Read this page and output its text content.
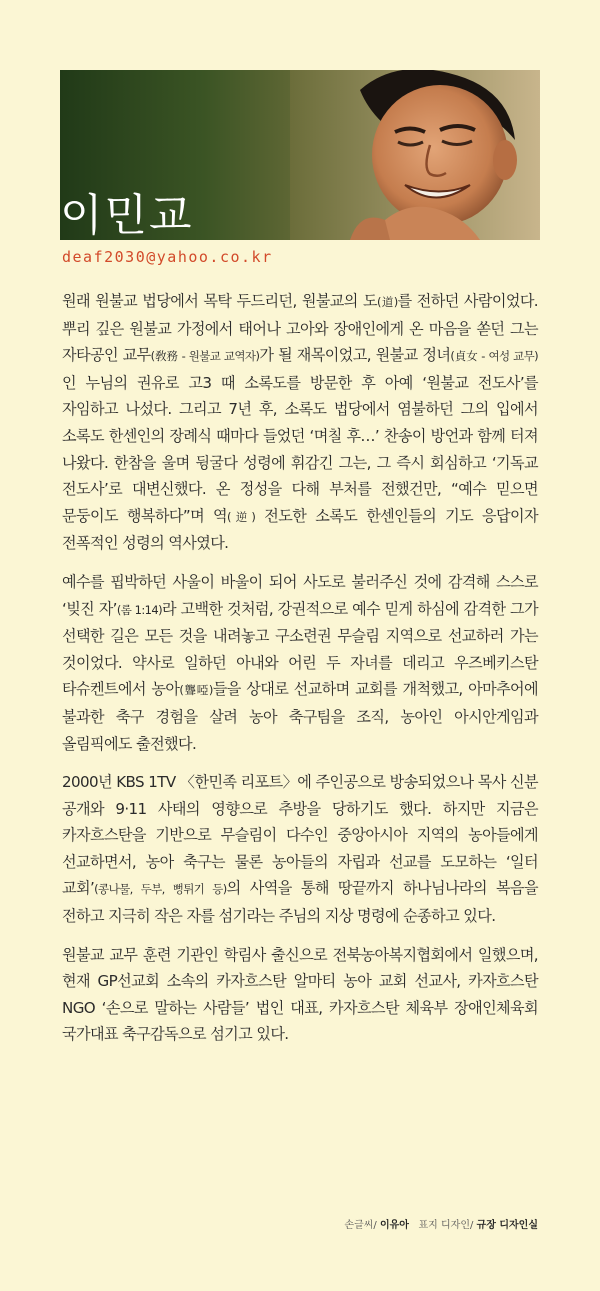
이민교
deaf2030@yahoo.co.kr

원래 원불교 법당에서 목탁 두드리던, 원불교의 도(道)를 전하던 사람이었다. 뿌리 깊은 원불교 가정에서 태어나 고아와 장애인에게 온 마음을 쏟던 그는 자타공인 교무(敎務 - 원불교 교역자)가 될 재목이었고, 원불교 정녀(貞女 - 여성 교무)인 누님의 권유로 고3 때 소록도를 방문한 후 아예 ‘원불교 전도사’를 자임하고 나섰다. 그리고 7년 후, 소록도 법당에서 염불하던 그의 입에서 소록도 한센인의 장례식 때마다 들었던 ‘며칠 후…’ 찬송이 방언과 함께 터져 나왔다. 한참을 울며 뒹굴다 성령에 휘감긴 그는, 그 즉시 회심하고 ‘기독교 전도사’로 대변신했다. 온 정성을 다해 부처를 전했건만, “예수 믿으면 문둥이도 행복하다”며 역(逆) 전도한 소록도 한센인들의 기도 응답이자 전폭적인 성령의 역사였다.

예수를 핍박하던 사울이 바울이 되어 사도로 불러주신 것에 감격해 스스로 ‘빚진 자’(롬 1:14)라 고백한 것처럼, 강권적으로 예수 믿게 하심에 감격한 그가 선택한 길은 모든 것을 내려놓고 구소련권 무슬림 지역으로 선교하러 가는 것이었다. 약사로 일하던 아내와 어린 두 자녀를 데리고 우즈베키스탄 타슈켄트에서 농아(聾啞)들을 상대로 선교하며 교회를 개척했고, 아마추어에 불과한 축구 경험을 살려 농아 축구팀을 조직, 농아인 아시안게임과 올림픽에도 출전했다.

2000년 KBS 1TV 〈한민족 리포트〉에 주인공으로 방송되었으나 목사 신분 공개와 9·11 사태의 영향으로 추방을 당하기도 했다. 하지만 지금은 카자흐스탄을 기반으로 무슬림이 다수인 중앙아시아 지역의 농아들에게 선교하면서, 농아 축구는 물론 농아들의 자립과 선교를 도모하는 ‘일터 교회’(콩나물, 두부, 뻥튀기 등)의 사역을 통해 땅끝까지 하나님나라의 복음을 전하고 지극히 작은 자를 섬기라는 주님의 지상 명령에 순종하고 있다.

원불교 교무 훈련 기관인 학림사 출신으로 전북농아복지협회에서 일했으며, 현재 GP선교회 소속의 카자흐스탄 알마티 농아 교회 선교사, 카자흐스탄 NGO ‘손으로 말하는 사람들’ 법인 대표, 카자흐스탄 체육부 장애인체육회 국가대표 축구감독으로 섬기고 있다.

손글씨/ 이유아 표지 디자인/ 규장 디자인실
